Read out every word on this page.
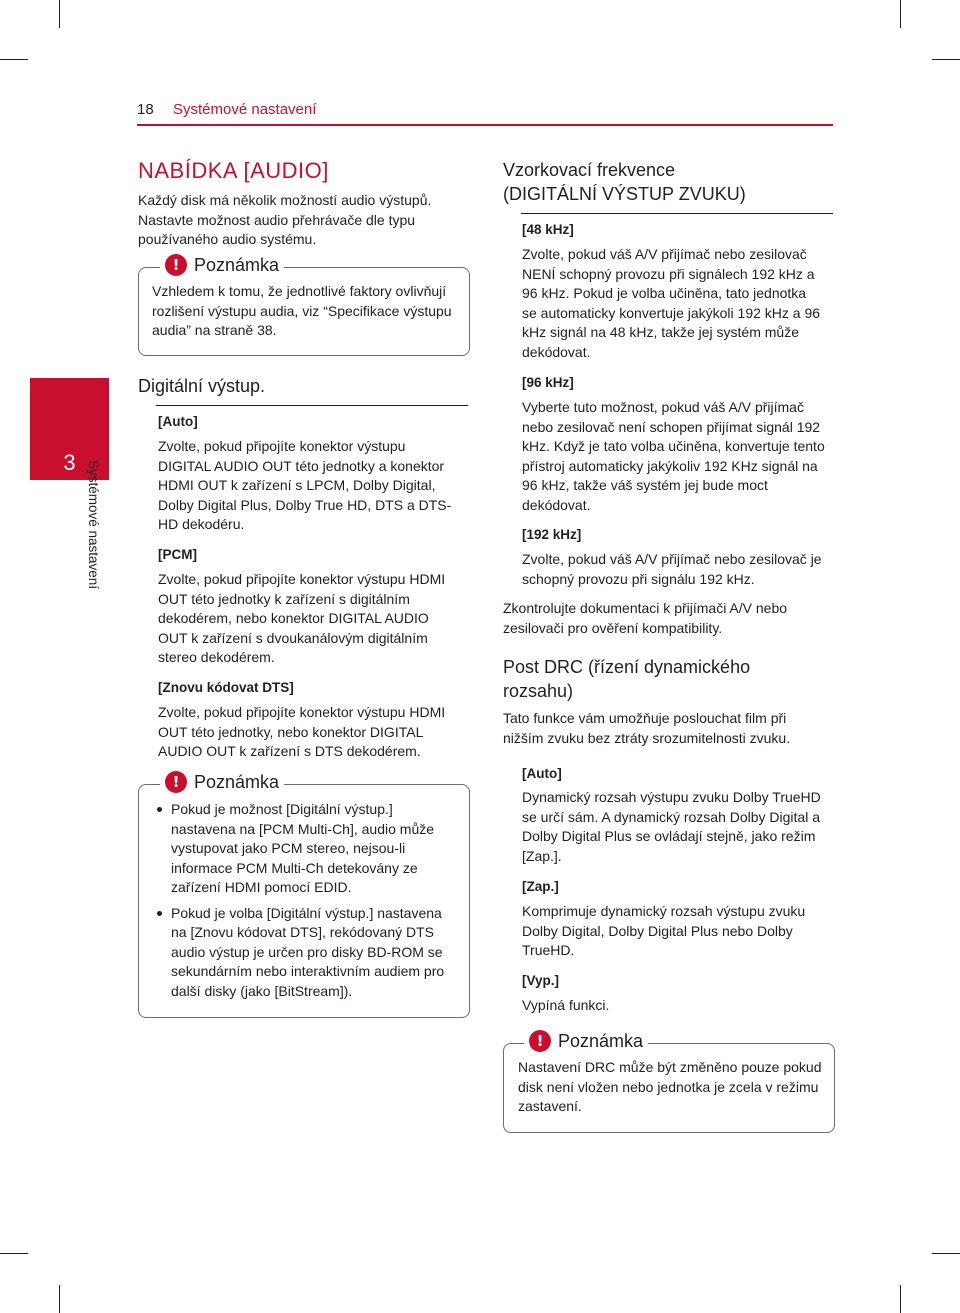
18 Systémové nastavení
3 Systémové nastavení
NABÍDKA [AUDIO]

Každý disk má několik možností audio výstupů. Nastavte možnost audio přehrávače dle typu používaného audio systému.

! Poznámka

Vzhledem k tomu, že jednotlivé faktory ovlivňují rozlišení výstupu audia, viz “Specifikace výstupu audia” na straně 38.

Digitální výstup.
[Auto]

Zvolte, pokud připojíte konektor výstupu DIGITAL AUDIO OUT této jednotky a konektor HDMI OUT k zařízení s LPCM, Dolby Digital, Dolby Digital Plus, Dolby True HD, DTS a DTS-HD dekodéru.

[PCM]

Zvolte, pokud připojíte konektor výstupu HDMI OUT této jednotky k zařízení s digitálním dekodérem, nebo konektor DIGITAL AUDIO OUT k zařízení s dvoukanálovým digitálním stereo dekodérem.

[Znovu kódovat DTS]

Zvolte, pokud připojíte konektor výstupu HDMI OUT této jednotky, nebo konektor DIGITAL AUDIO OUT k zařízení s DTS dekodérem.

! Poznámka
Pokud je možnost [Digitální výstup.] nastavena na [PCM Multi-Ch], audio může vystupovat jako PCM stereo, nejsou-li informace PCM Multi-Ch detekovány ze zařízení HDMI pomocí EDID.
Pokud je volba [Digitální výstup.] nastavena na [Znovu kódovat DTS], rekódovaný DTS audio výstup je určen pro disky BD-ROM se sekundárním nebo interaktivním audiem pro další disky (jako [BitStream]).
Vzorkovací frekvence
(DIGITÁLNÍ VÝSTUP ZVUKU)
[48 kHz]

Zvolte, pokud váš A/V přijímač nebo zesilovač NENÍ schopný provozu při signálech 192 kHz a 96 kHz. Pokud je volba učiněna, tato jednotka se automaticky konvertuje jakýkoli 192 kHz a 96 kHz signál na 48 kHz, takže jej systém může dekódovat.

[96 kHz]

Vyberte tuto možnost, pokud váš A/V přijímač nebo zesilovač není schopen přijímat signál 192 kHz. Když je tato volba učiněna, konvertuje tento přístroj automaticky jakýkoliv 192 KHz signál na 96 kHz, takže váš systém jej bude moct dekódovat.

[192 kHz]

Zvolte, pokud váš A/V přijímač nebo zesilovač je schopný provozu při signálu 192 kHz.

Zkontrolujte dokumentaci k přijímači A/V nebo zesilovači pro ověření kompatibility.

Post DRC (řízení dynamického rozsahu)

Tato funkce vám umožňuje poslouchat film při nižším zvuku bez ztráty srozumitelnosti zvuku.

[Auto]

Dynamický rozsah výstupu zvuku Dolby TrueHD se určí sám. A dynamický rozsah Dolby Digital a Dolby Digital Plus se ovládají stejně, jako režim [Zap.].

[Zap.]

Komprimuje dynamický rozsah výstupu zvuku Dolby Digital, Dolby Digital Plus nebo Dolby TrueHD.

[Vyp.]

Vypíná funkci.

! Poznámka

Nastavení DRC může být změněno pouze pokud disk není vložen nebo jednotka je zcela v režimu zastavení.
